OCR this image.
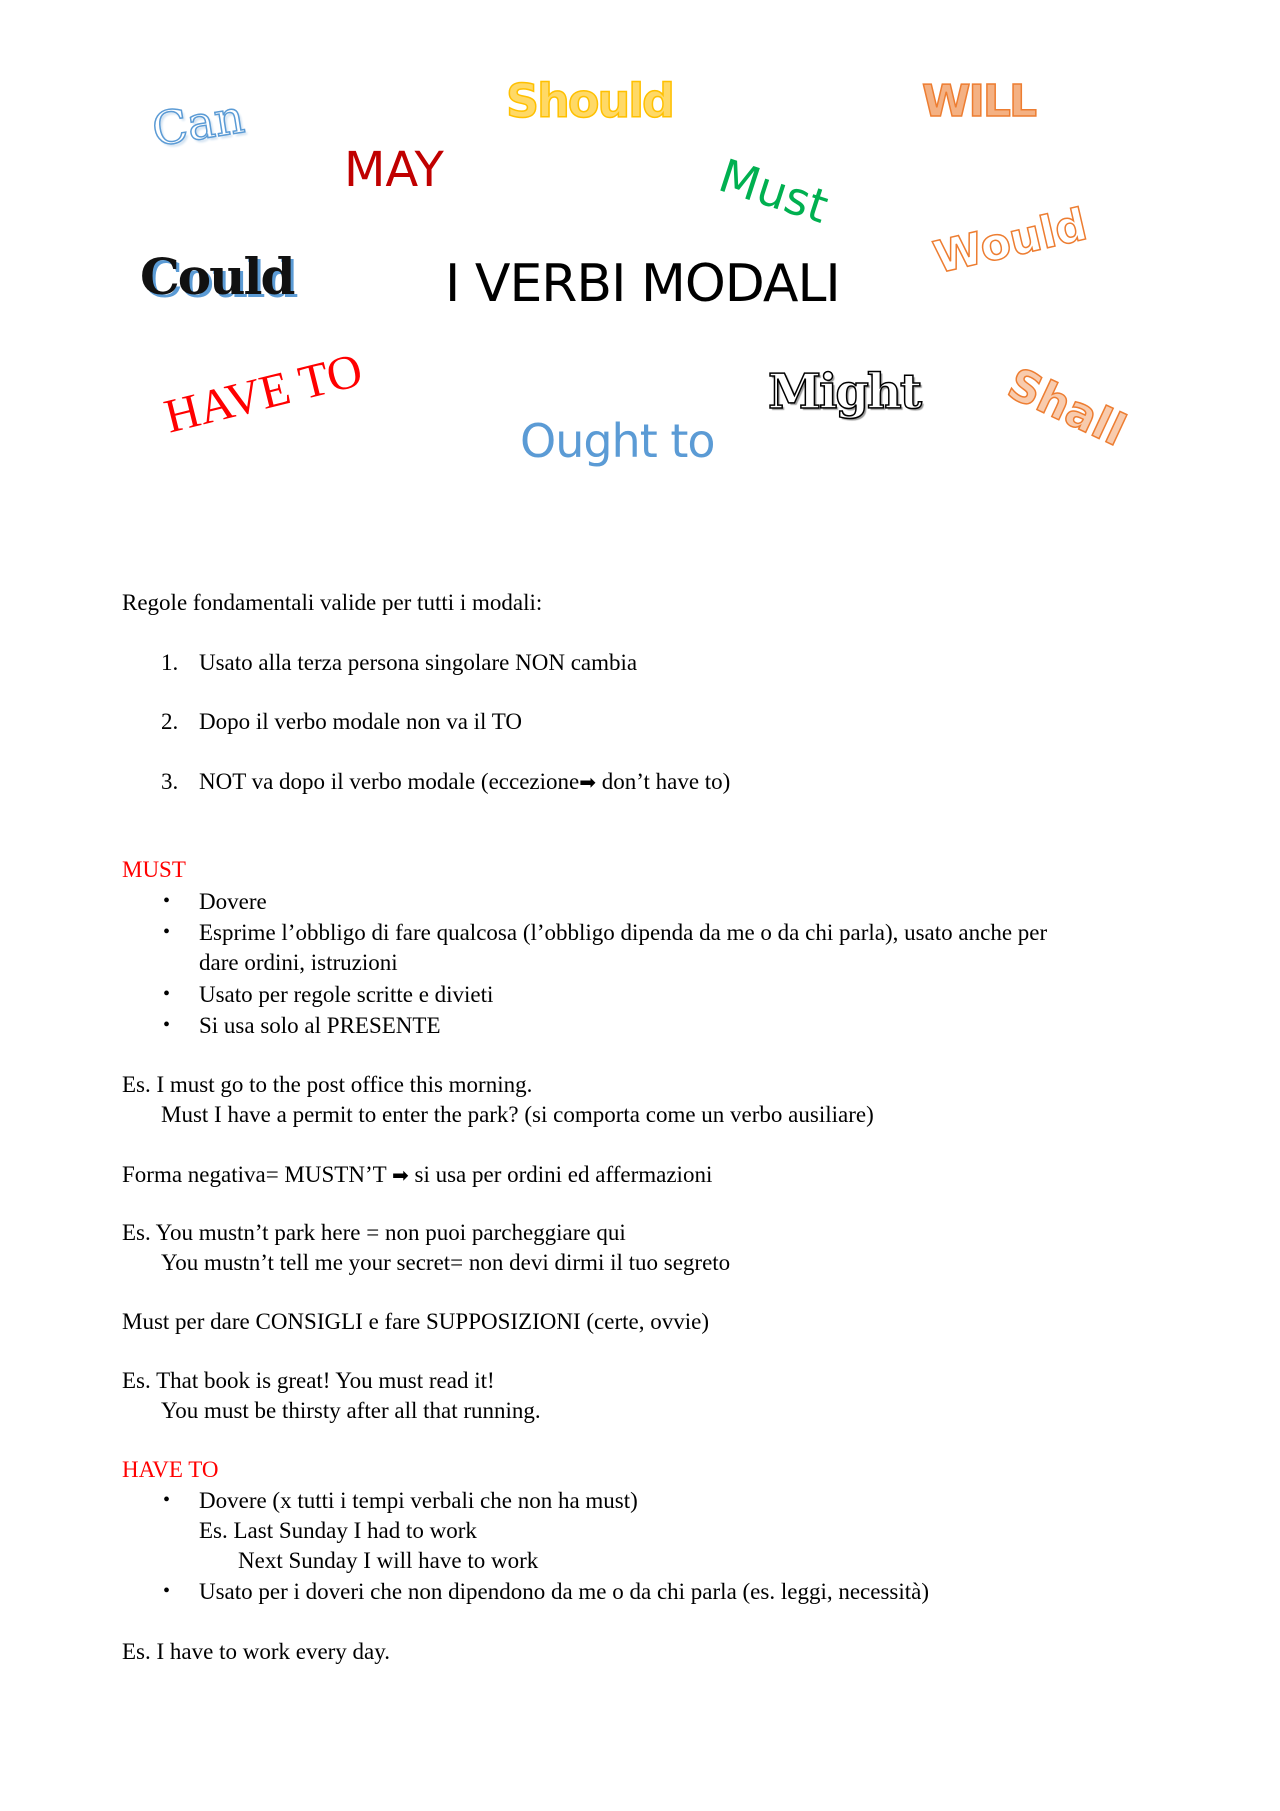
Can	Should	WILL
MAY	Must
Could	I VERBI MODALI
Would
HAVE TO	Might Shall
Ought to
Regole fondamentali valide per tutti i modali:
1. Usato alla terza persona singolare NON cambia
2. Dopo il verbo modale non va il TO
3. NOT va dopo il verbo modale (eccezione➡ don’t have to)
MUST
• Dovere
• Esprime l’obbligo di fare qualcosa (l’obbligo dipenda da me o da chi parla), usato anche per
dare ordini, istruzioni
• Usato per regole scritte e divieti
• Si usa solo al PRESENTE
Es. I must go to the post office this morning.
Must I have a permit to enter the park? (si comporta come un verbo ausiliare)
Forma negativa= MUSTN’T ➡ si usa per ordini ed affermazioni
Es. You mustn’t park here = non puoi parcheggiare qui
You mustn’t tell me your secret= non devi dirmi il tuo segreto
Must per dare CONSIGLI e fare SUPPOSIZIONI (certe, ovvie)
Es. That book is great! You must read it!
You must be thirsty after all that running.
HAVE TO
• Dovere (x tutti i tempi verbali che non ha must)
Es. Last Sunday I had to work
Next Sunday I will have to work
• Usato per i doveri che non dipendono da me o da chi parla (es. leggi, necessità)
Es. I have to work every day.
